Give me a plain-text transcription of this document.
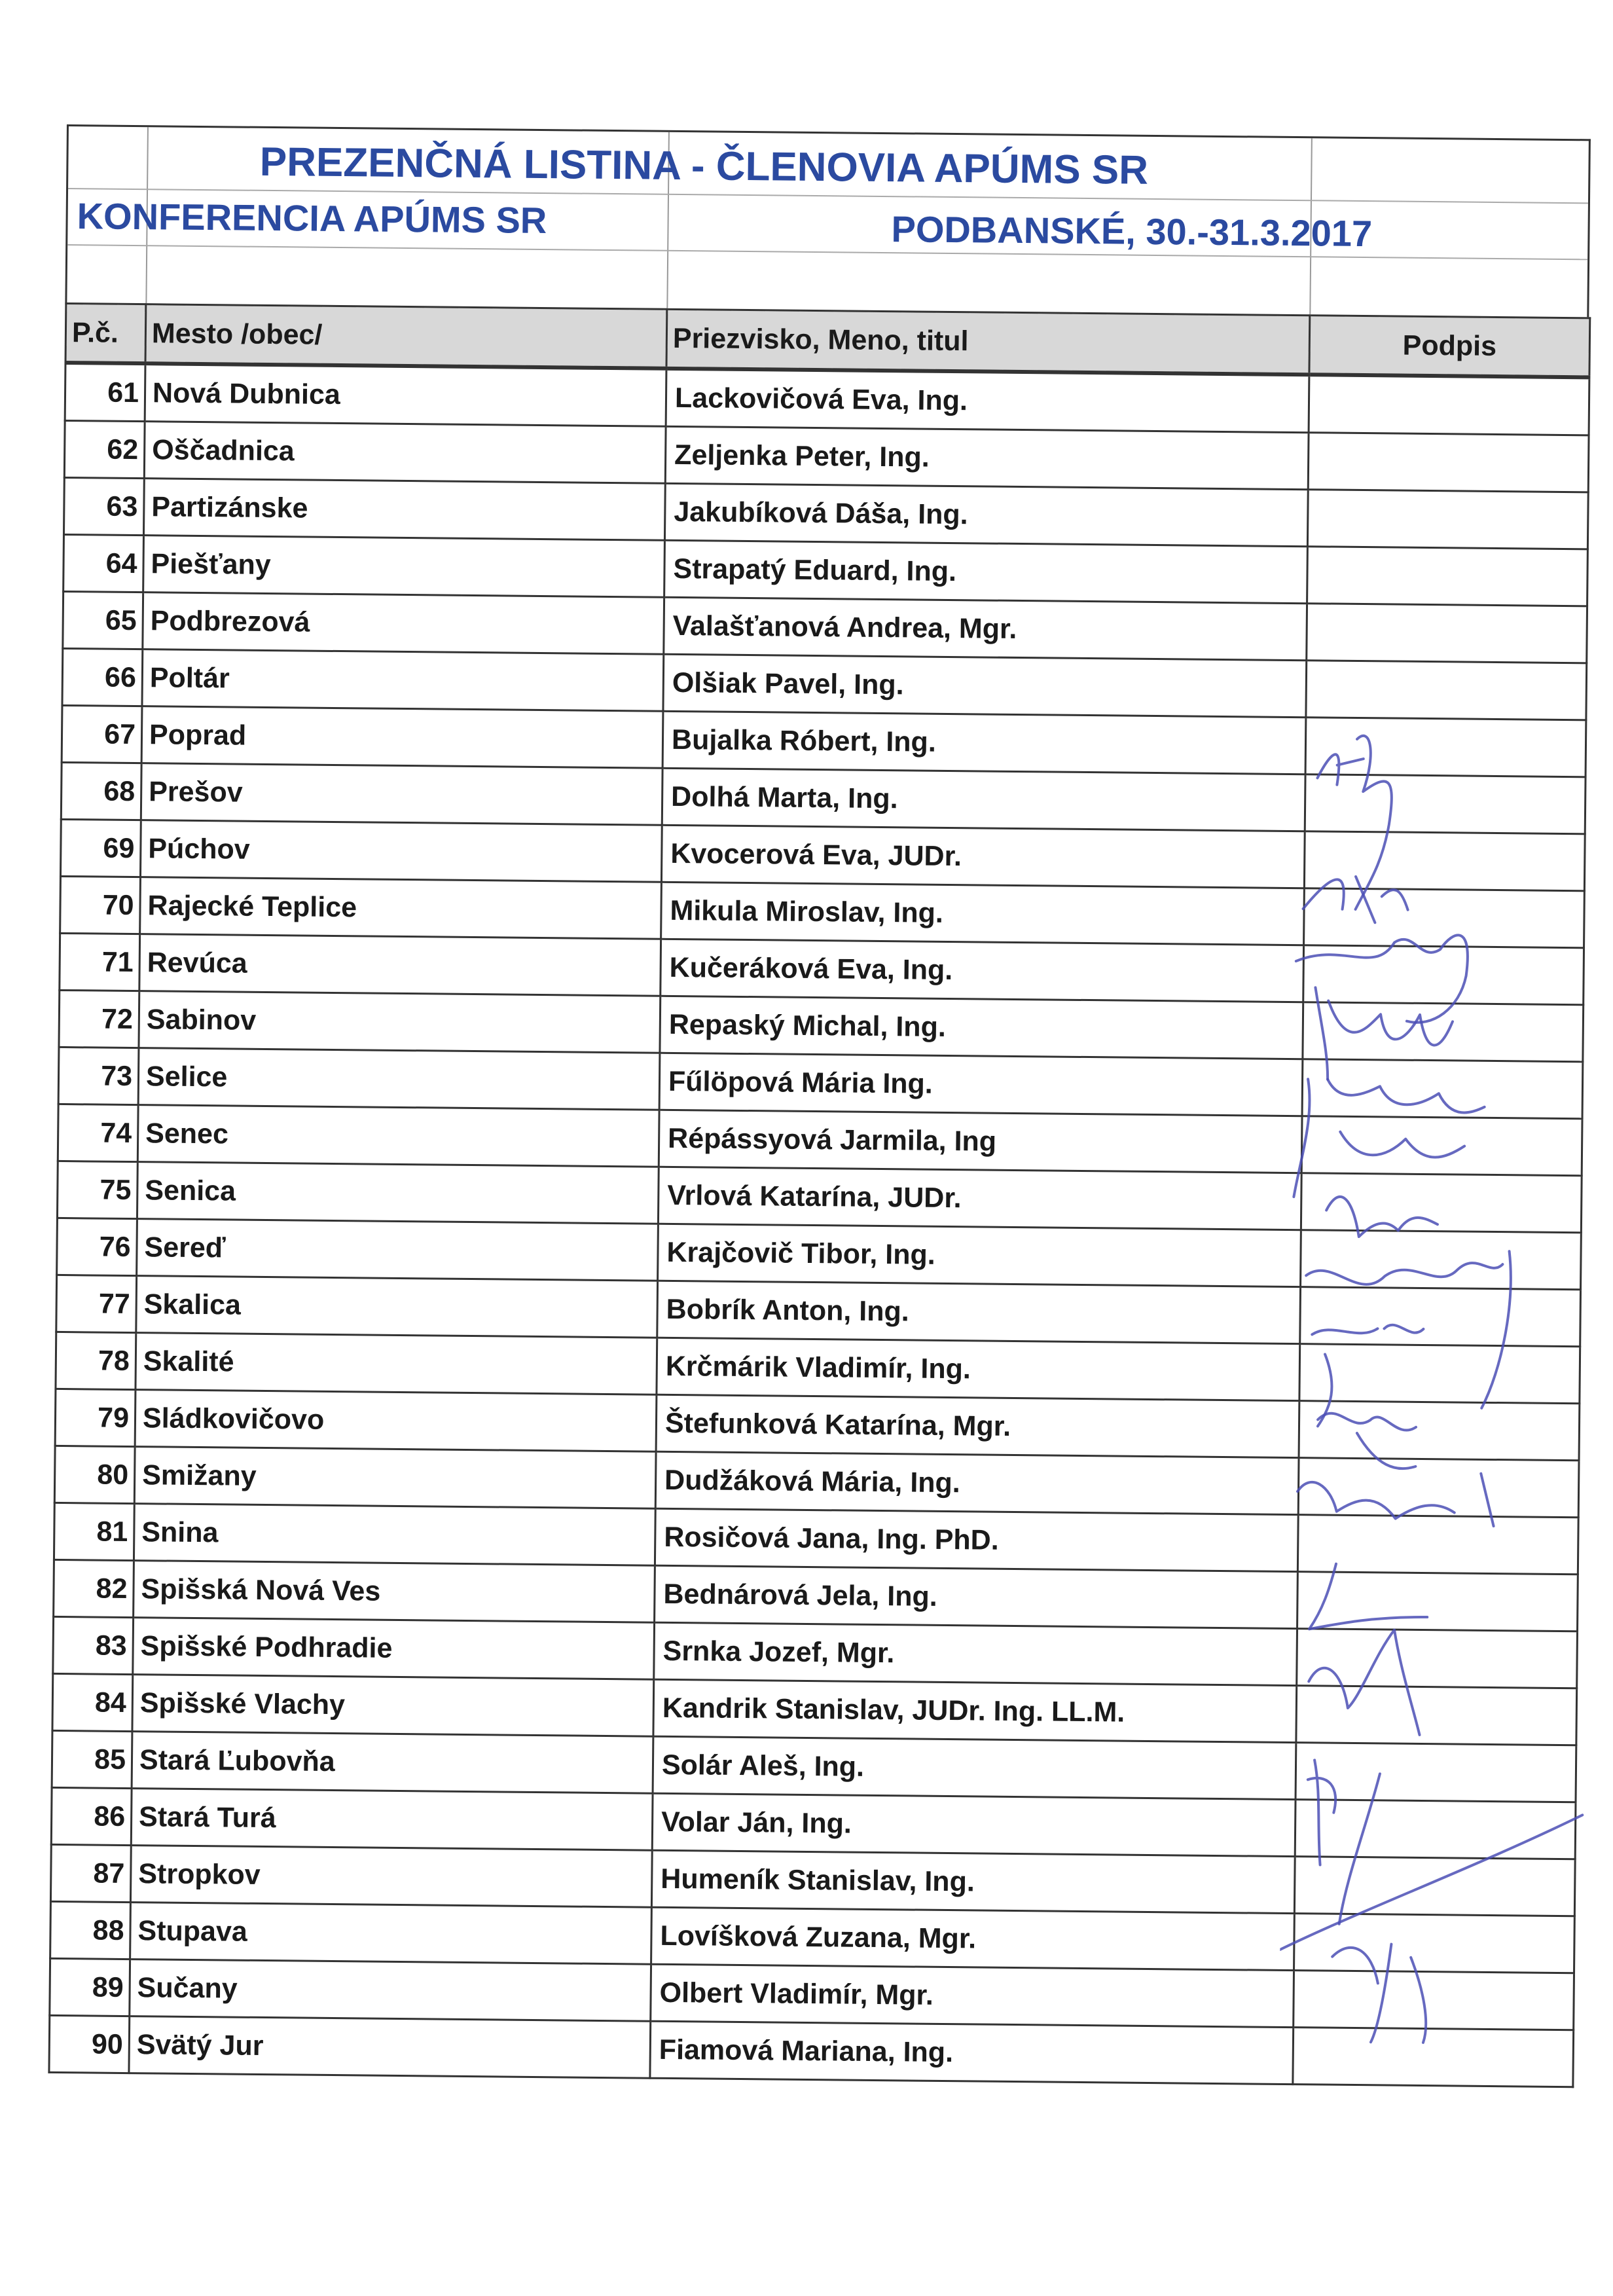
PREZENČNÁ LISTINA - ČLENOVIA APÚMS SR
KONFERENCIA APÚMS SR	PODBANSKÉ, 30.-31.3.2017
P.č.	Mesto /obec/	Priezvisko, Meno, titul	Podpis
61	Nová Dubnica	Lackovičová Eva, Ing.	
62	Oščadnica	Zeljenka Peter, Ing.	
63	Partizánske	Jakubíková Dáša, Ing.	
64	Piešťany	Strapatý Eduard, Ing.	
65	Podbrezová	Valašťanová Andrea, Mgr.	
66	Poltár	Olšiak Pavel, Ing.	
67	Poprad	Bujalka Róbert, Ing.	
68	Prešov	Dolhá Marta, Ing.	
69	Púchov	Kvocerová Eva, JUDr.	
70	Rajecké Teplice	Mikula Miroslav, Ing.	
71	Revúca	Kučeráková Eva, Ing.	
72	Sabinov	Repaský Michal, Ing.	
73	Selice	Fűlöpová Mária Ing.	
74	Senec	Répássyová Jarmila, Ing	
75	Senica	Vrlová Katarína, JUDr.	
76	Sereď	Krajčovič Tibor, Ing.	
77	Skalica	Bobrík Anton, Ing.	
78	Skalité	Krčmárik Vladimír, Ing.	
79	Sládkovičovo	Štefunková Katarína, Mgr.	
80	Smižany	Dudžáková Mária, Ing.	
81	Snina	Rosičová Jana, Ing. PhD.	
82	Spišská Nová Ves	Bednárová Jela, Ing.	
83	Spišské Podhradie	Srnka Jozef, Mgr.	
84	Spišské Vlachy	Kandrik Stanislav, JUDr. Ing. LL.M.	
85	Stará Ľubovňa	Solár Aleš, Ing.	
86	Stará Turá	Volar Ján, Ing.	
87	Stropkov	Humeník Stanislav, Ing.	
88	Stupava	Lovíšková Zuzana, Mgr.	
89	Sučany	Olbert Vladimír, Mgr.	
90	Svätý Jur	Fiamová Mariana, Ing.	
